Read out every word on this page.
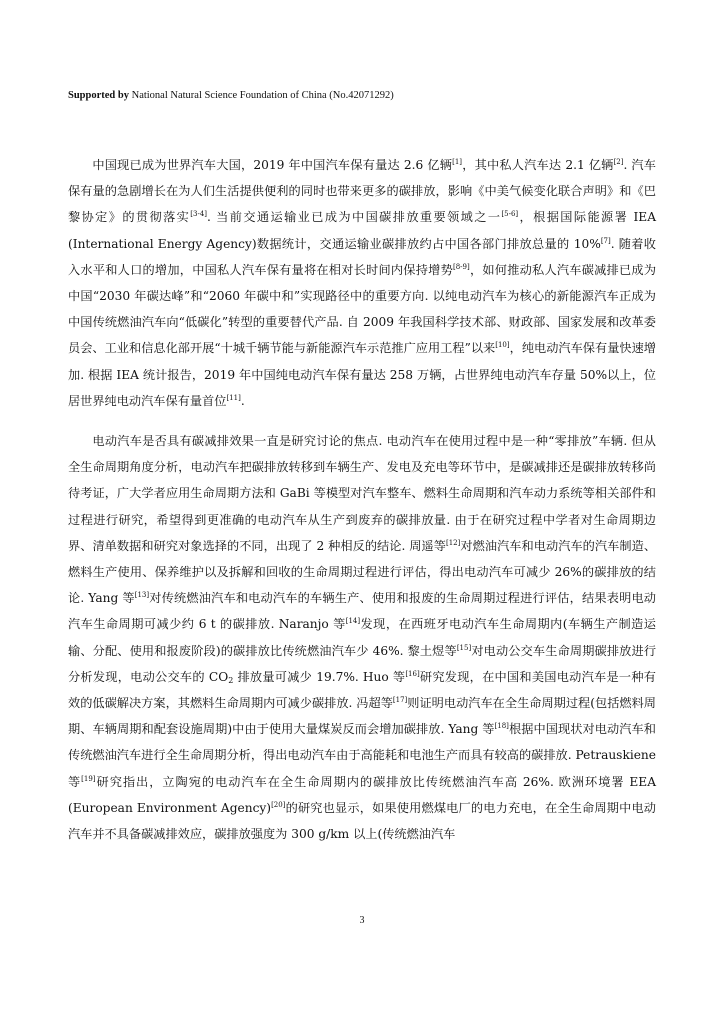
Supported by National Natural Science Foundation of China (No.42071292)

中国现已成为世界汽车大国，2019 年中国汽车保有量达 2.6 亿辆[1]，其中私人汽车达 2.1 亿辆[2]. 汽车保有量的急剧增长在为人们生活提供便利的同时也带来更多的碳排放，影响《中美气候变化联合声明》和《巴黎协定》的贯彻落实[3-4]. 当前交通运输业已成为中国碳排放重要领域之一[5-6]，根据国际能源署 IEA (International Energy Agency)数据统计，交通运输业碳排放约占中国各部门排放总量的 10%[7]. 随着收入水平和人口的增加，中国私人汽车保有量将在相对长时间内保持增势[8-9]，如何推动私人汽车碳减排已成为中国“2030 年碳达峰”和“2060 年碳中和”实现路径中的重要方向. 以纯电动汽车为核心的新能源汽车正成为中国传统燃油汽车向“低碳化”转型的重要替代产品. 自 2009 年我国科学技术部、财政部、国家发展和改革委员会、工业和信息化部开展“十城千辆节能与新能源汽车示范推广应用工程”以来[10]，纯电动汽车保有量快速增加. 根据 IEA 统计报告，2019 年中国纯电动汽车保有量达 258 万辆，占世界纯电动汽车存量 50%以上，位居世界纯电动汽车保有量首位[11].

电动汽车是否具有碳减排效果一直是研究讨论的焦点. 电动汽车在使用过程中是一种“零排放”车辆. 但从全生命周期角度分析，电动汽车把碳排放转移到车辆生产、发电及充电等环节中，是碳减排还是碳排放转移尚待考证，广大学者应用生命周期方法和 GaBi 等模型对汽车整车、燃料生命周期和汽车动力系统等相关部件和过程进行研究，希望得到更准确的电动汽车从生产到废弃的碳排放量. 由于在研究过程中学者对生命周期边界、清单数据和研究对象选择的不同，出现了 2 种相反的结论. 周遥等[12]对燃油汽车和电动汽车的汽车制造、燃料生产使用、保养维护以及拆解和回收的生命周期过程进行评估，得出电动汽车可减少 26%的碳排放的结论. Yang 等[13]对传统燃油汽车和电动汽车的车辆生产、使用和报废的生命周期过程进行评估，结果表明电动汽车生命周期可减少约 6 t 的碳排放. Naranjo 等[14]发现，在西班牙电动汽车生命周期内(车辆生产制造运输、分配、使用和报废阶段)的碳排放比传统燃油汽车少 46%. 黎土煜等[15]对电动公交车生命周期碳排放进行分析发现，电动公交车的 $CO_2$ 排放量可减少 19.7%. Huo 等[16]研究发现，在中国和美国电动汽车是一种有效的低碳解决方案，其燃料生命周期内可减少碳排放. 冯超等[17]则证明电动汽车在全生命周期过程(包括燃料周期、车辆周期和配套设施周期)中由于使用大量煤炭反而会增加碳排放. Yang 等[18]根据中国现状对电动汽车和传统燃油汽车进行全生命周期分析，得出电动汽车由于高能耗和电池生产而具有较高的碳排放. Petrauskiene 等[19]研究指出，立陶宛的电动汽车在全生命周期内的碳排放比传统燃油汽车高 26%. 欧洲环境署 EEA (European Environment Agency)[20]的研究也显示，如果使用燃煤电厂的电力充电，在全生命周期中电动汽车并不具备碳减排效应，碳排放强度为 300 g/km 以上(传统燃油汽车

3
